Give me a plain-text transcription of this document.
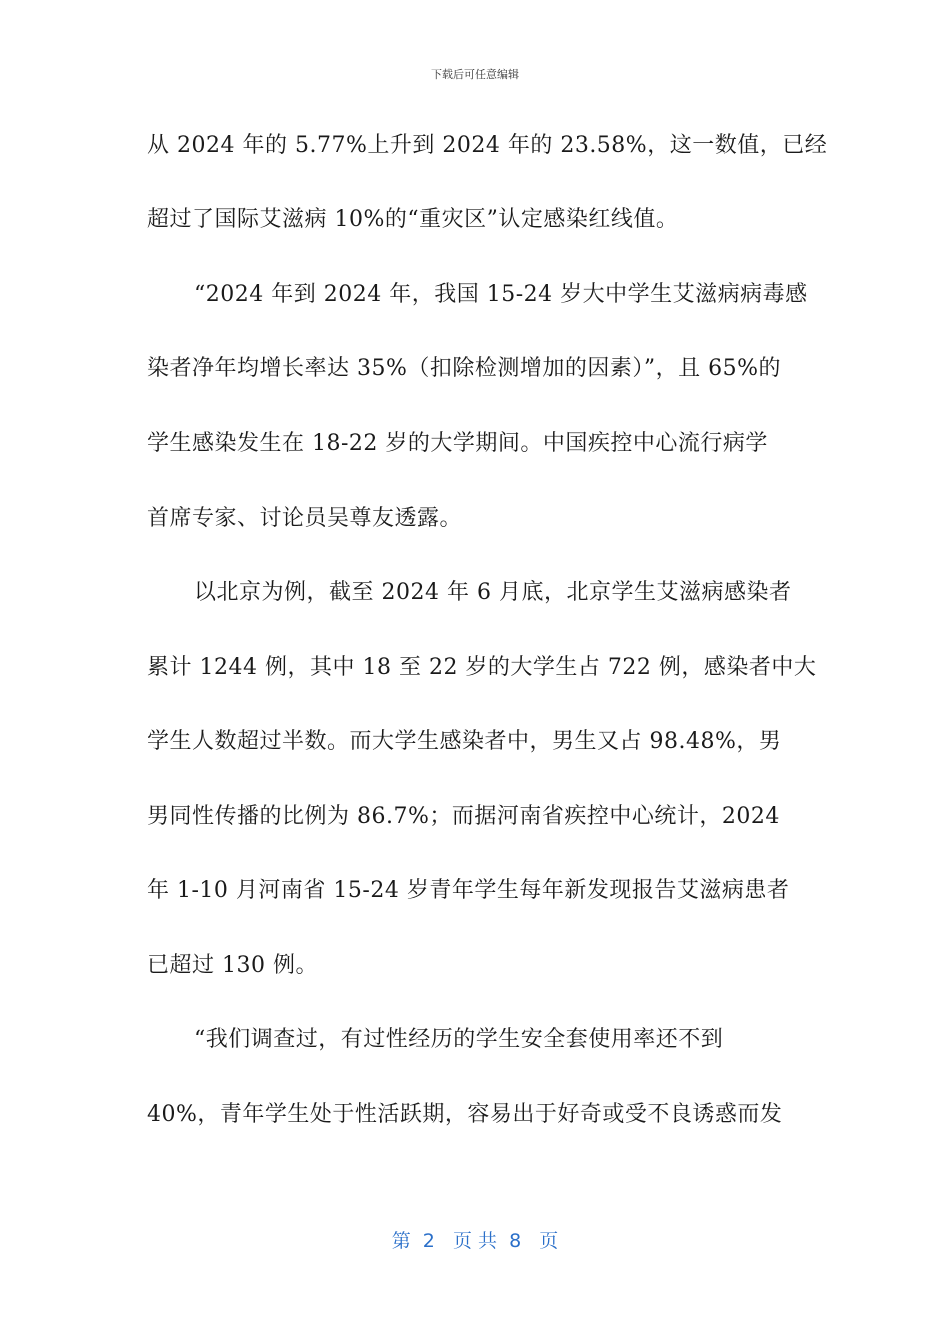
下载后可任意编辑
从 2024 年的 5.77%上升到 2024 年的 23.58%，这一数值，已经
超过了国际艾滋病 10%的“重灾区”认定感染红线值。
“2024 年到 2024 年，我国 15-24 岁大中学生艾滋病病毒感
染者净年均增长率达 35%（扣除检测增加的因素）”，且 65%的
学生感染发生在 18-22 岁的大学期间。中国疾控中心流行病学
首席专家、讨论员吴尊友透露。
以北京为例，截至 2024 年 6 月底，北京学生艾滋病感染者
累计 1244 例，其中 18 至 22 岁的大学生占 722 例，感染者中大
学生人数超过半数。而大学生感染者中，男生又占 98.48%，男
男同性传播的比例为 86.7%；而据河南省疾控中心统计，2024
年 1-10 月河南省 15-24 岁青年学生每年新发现报告艾滋病患者
已超过 130 例。
“我们调查过，有过性经历的学生安全套使用率还不到
40%，青年学生处于性活跃期，容易出于好奇或受不良诱惑而发
第  2   页 共  8   页
